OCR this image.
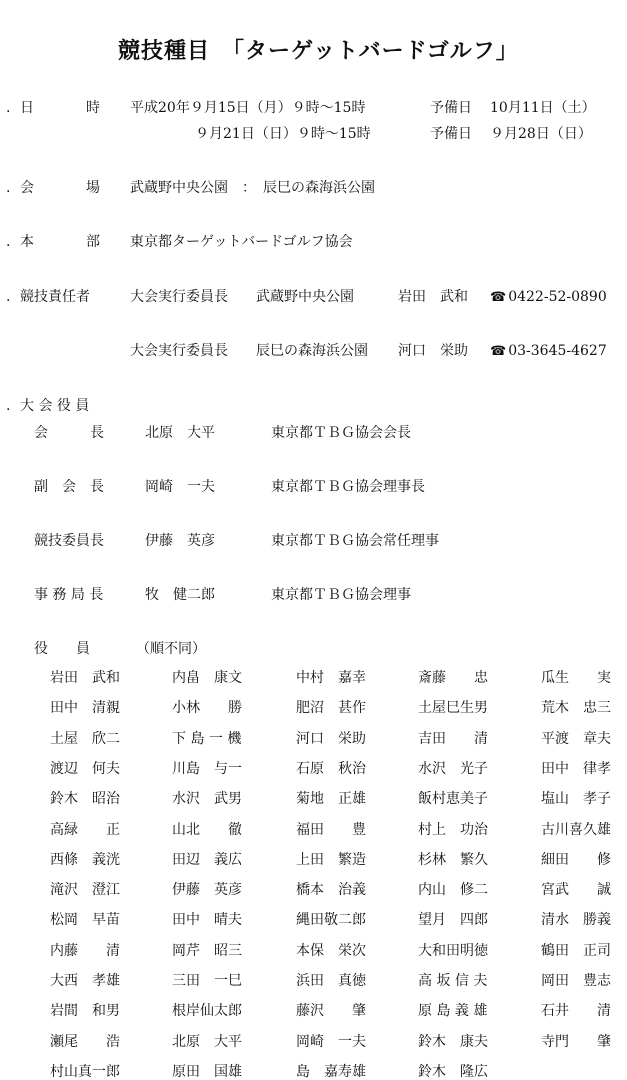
競技種目　「ターゲットバードゴルフ」
. 日	時 平成20年９月15日（月）９時～15時	予備日 10月11日（土）
９月21日（日）９時～15時	予備日 ９月28日（日）
. 会	場 武蔵野中央公園　：　辰巳の森海浜公園
. 本	部 東京都ターゲットバードゴルフ協会
. 競技責任者	大会実行委員長 武蔵野中央公園	岩田　武和	☎ 0422-52-0890
大会実行委員長 辰巳の森海浜公園 河口　栄助	☎ 03-3645-4627
. 大 会 役 員
会　　　長	北原　大平	東京都ＴＢＧ協会会長
副　会　長	岡崎　一夫	東京都ＴＢＧ協会理事長
競技委員長	伊藤　英彦	東京都ＴＢＧ協会常任理事
事 務 局 長	牧　健二郎	東京都ＴＢＧ協会理事
役　　員	（順不同）
岩田　武和	内畠　康文	中村　嘉幸	斎藤　　忠	瓜生　　実
田中　清親	小林　　勝	肥沼　甚作	土屋巳生男	荒木　忠三
土屋　欣二	下 島 一 機	河口　栄助	吉田　　清	平渡　章夫
渡辺　何夫	川島　与一	石原　秋治	水沢　光子	田中　律孝
鈴木　昭治	水沢　武男	菊地　正雄	飯村恵美子	塩山　孝子
高緑　　正	山北　　徹	福田　　豊	村上　功治	古川喜久雄
西條　義洸	田辺　義広	上田　繁造	杉林　繁久	細田　　修
滝沢　澄江	伊藤　英彦	橋本　治義	内山　修二	宮武　　誠
松岡　早苗	田中　晴夫	縄田敬二郎	望月　四郎	清水　勝義
内藤　　清	岡芹　昭三	本保　栄次	大和田明徳	鶴田　正司
大西　孝雄	三田　一巳	浜田　真徳	高 坂 信 夫	岡田　豊志
岩間　和男	根岸仙太郎	藤沢　　肇	原 島 義 雄	石井　　清
瀬尾　　浩	北原　大平	岡崎　一夫	鈴木　康夫	寺門　　肇
村山真一郎	原田　国雄	島　嘉寿雄	鈴木　隆広
